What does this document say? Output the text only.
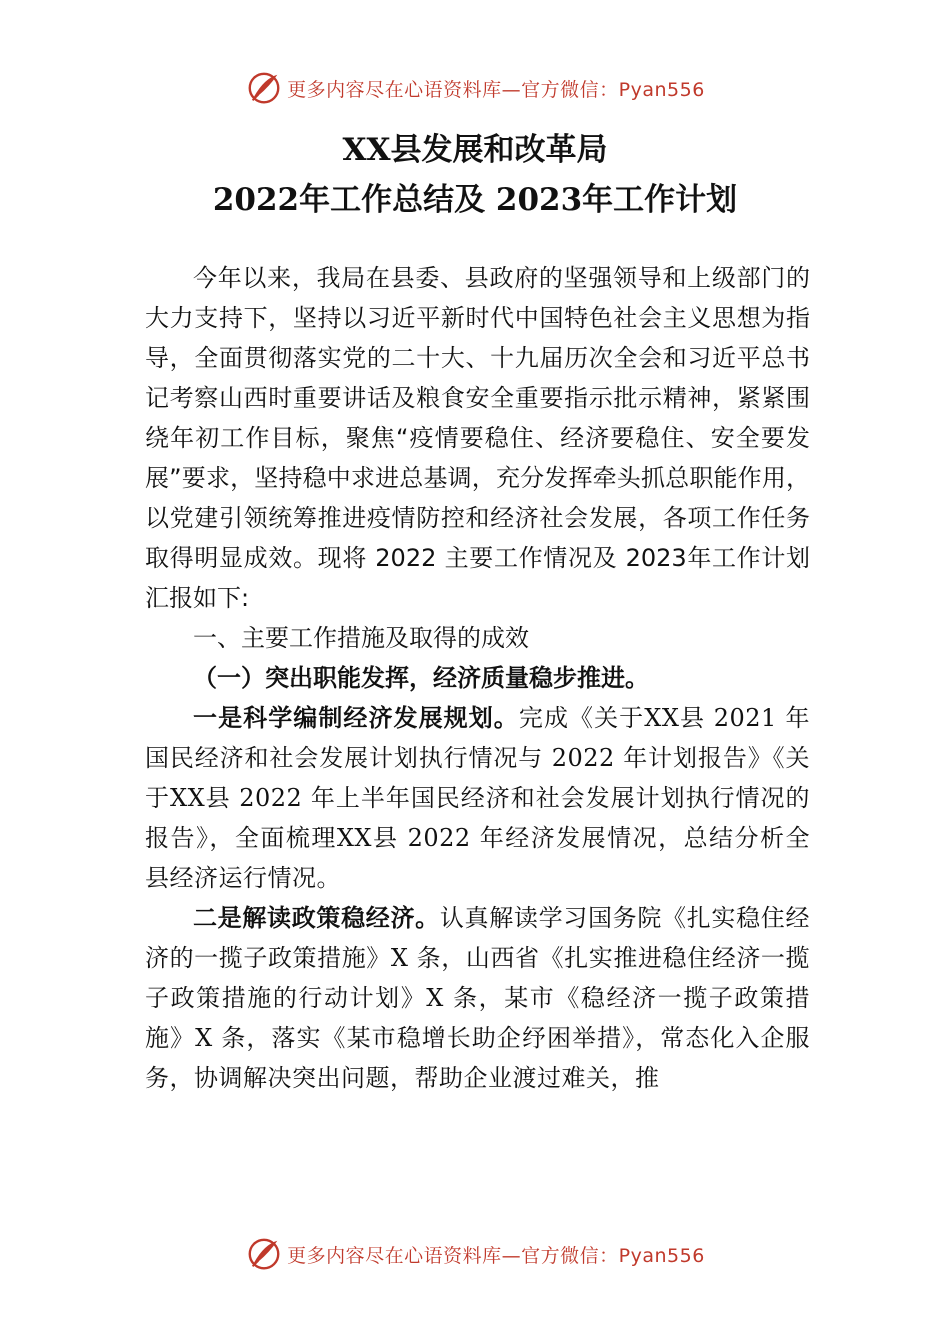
更多内容尽在心语资料库—官方微信：Pyan556
XX县发展和改革局
2022年工作总结及 2023年工作计划

今年以来，我局在县委、县政府的坚强领导和上级部门的大力支持下，坚持以习近平新时代中国特色社会主义思想为指导，全面贯彻落实党的二十大、十九届历次全会和习近平总书记考察山西时重要讲话及粮食安全重要指示批示精神，紧紧围绕年初工作目标，聚焦“疫情要稳住、经济要稳住、安全要发展”要求，坚持稳中求进总基调，充分发挥牵头抓总职能作用，以党建引领统筹推进疫情防控和经济社会发展，各项工作任务取得明显成效。现将 2022 主要工作情况及 2023年工作计划汇报如下:

一、主要工作措施及取得的成效

（一）突出职能发挥，经济质量稳步推进。

一是科学编制经济发展规划。完成《关于XX县 2021 年国民经济和社会发展计划执行情况与 2022 年计划报告》《关于XX县 2022 年上半年国民经济和社会发展计划执行情况的报告》，全面梳理XX县 2022 年经济发展情况，总结分析全县经济运行情况。

二是解读政策稳经济。认真解读学习国务院《扎实稳住经济的一揽子政策措施》X 条，山西省《扎实推进稳住经济一揽子政策措施的行动计划》X 条，某市《稳经济一揽子政策措施》X 条，落实《某市稳增长助企纾困举措》，常态化入企服务，协调解决突出问题，帮助企业渡过难关，推

更多内容尽在心语资料库—官方微信：Pyan556
